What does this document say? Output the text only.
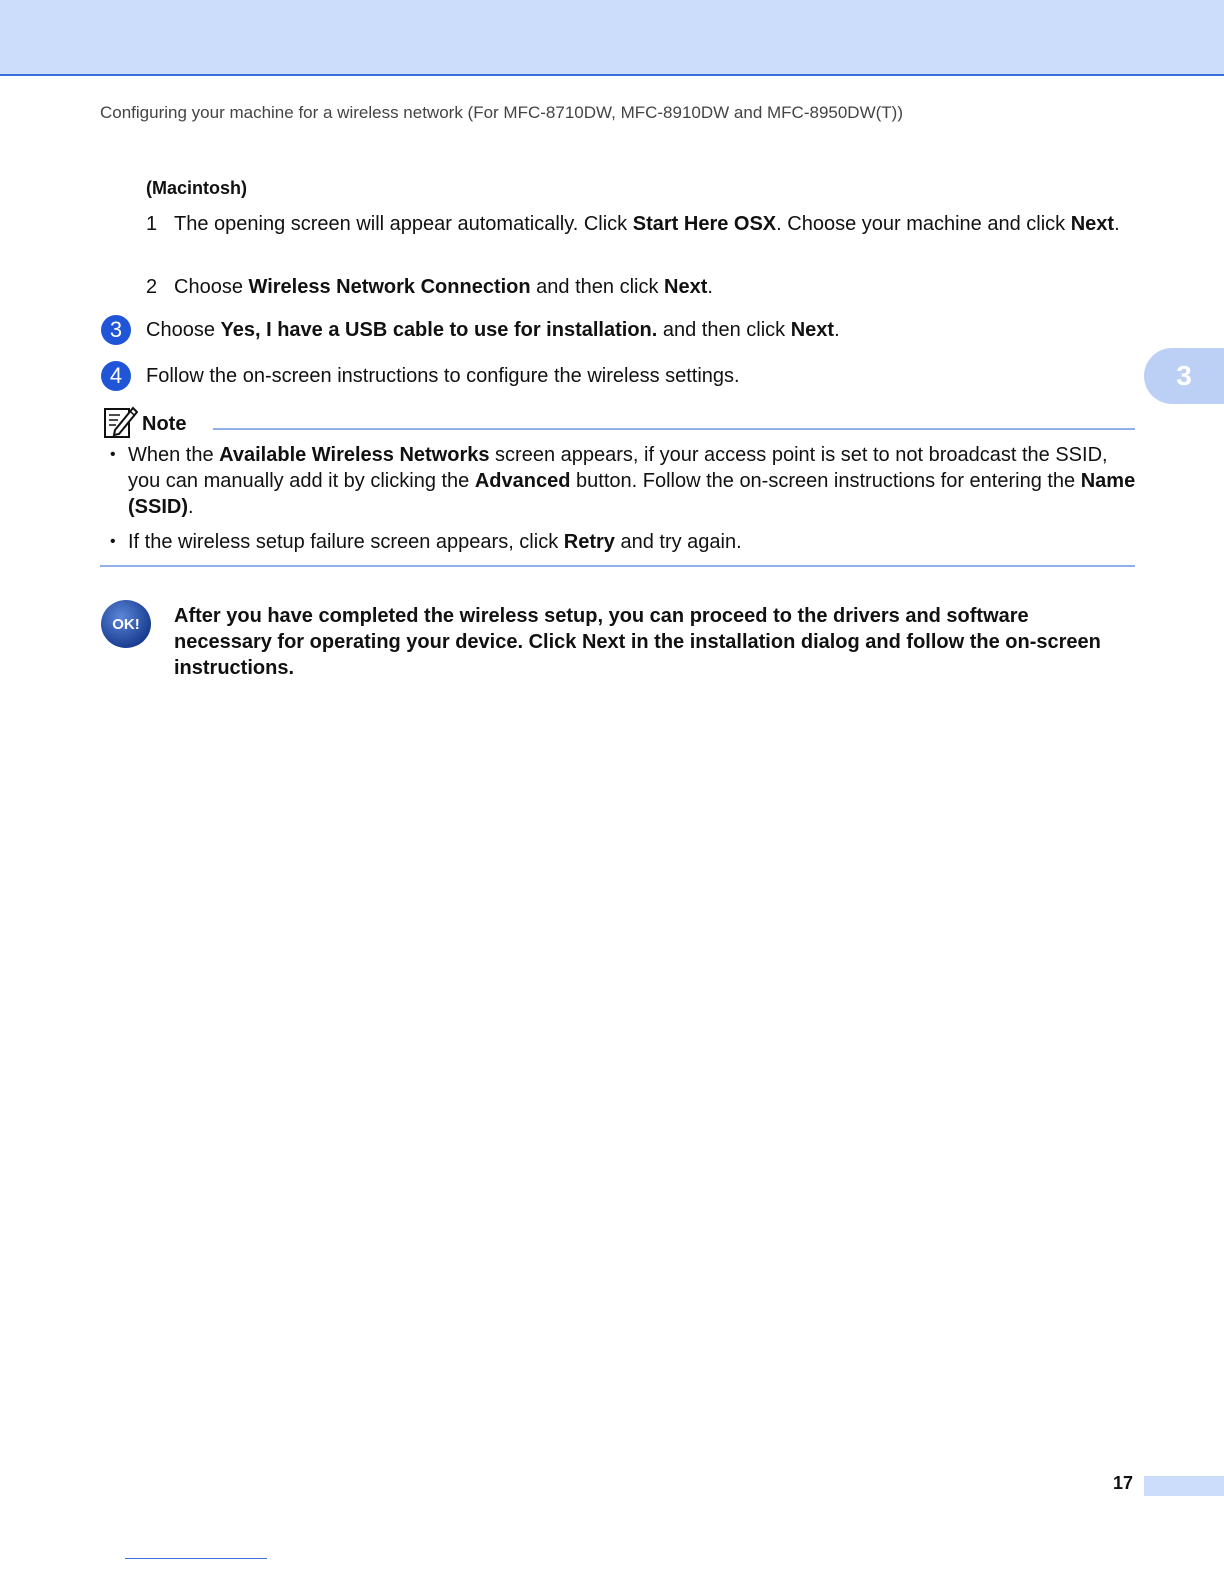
Configuring your machine for a wireless network (For MFC-8710DW, MFC-8910DW and MFC-8950DW(T))
(Macintosh)
1 The opening screen will appear automatically. Click Start Here OSX. Choose your machine and click Next.
2 Choose Wireless Network Connection and then click Next.
3	Choose Yes, I have a USB cable to use for installation. and then click Next.
4	Follow the on-screen instructions to configure the wireless settings.	3
Note
• When the Available Wireless Networks screen appears, if your access point is set to not broadcast the SSID, you can manually add it by clicking the Advanced button. Follow the on-screen instructions for entering the Name (SSID).
• If the wireless setup failure screen appears, click Retry and try again.
OK!	After you have completed the wireless setup, you can proceed to the drivers and software necessary for operating your device. Click Next in the installation dialog and follow the on-screen instructions.
17
